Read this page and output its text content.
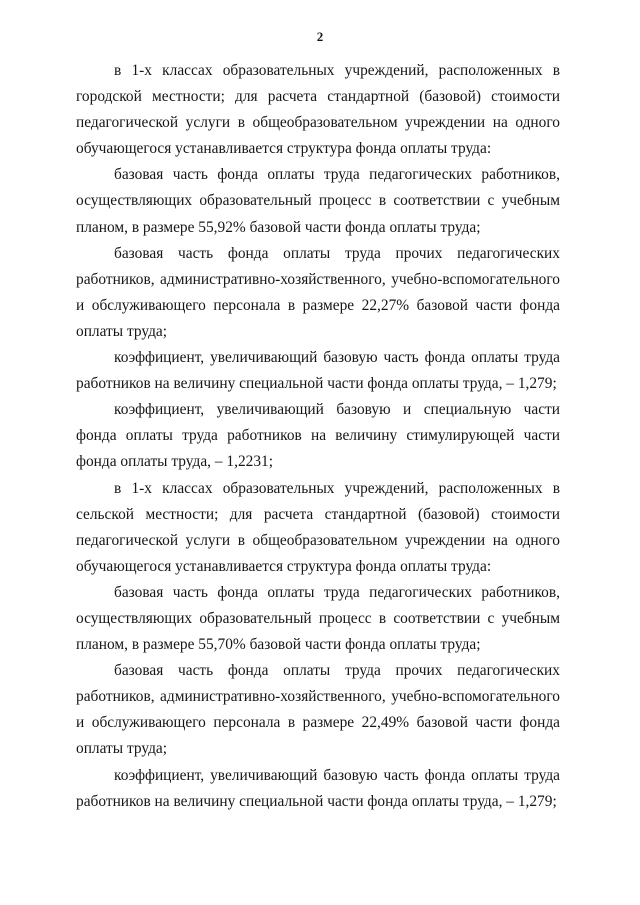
2

в 1-х классах образовательных учреждений, расположенных в городской местности; для расчета стандартной (базовой) стоимости педагогической услуги в общеобразовательном учреждении на одного обучающегося устанавливается структура фонда оплаты труда:

базовая часть фонда оплаты труда педагогических работников, осуществляющих образовательный процесс в соответствии с учебным планом, в размере 55,92% базовой части фонда оплаты труда;

базовая часть фонда оплаты труда прочих педагогических работников, административно-хозяйственного, учебно-вспомогательного и обслуживающего персонала в размере 22,27% базовой части фонда оплаты труда;

коэффициент, увеличивающий базовую часть фонда оплаты труда работников на величину специальной части фонда оплаты труда, – 1,279;

коэффициент, увеличивающий базовую и специальную части фонда оплаты труда работников на величину стимулирующей части фонда оплаты труда, – 1,2231;

в 1-х классах образовательных учреждений, расположенных в сельской местности; для расчета стандартной (базовой) стоимости педагогической услуги в общеобразовательном учреждении на одного обучающегося устанавливается структура фонда оплаты труда:

базовая часть фонда оплаты труда педагогических работников, осуществляющих образовательный процесс в соответствии с учебным планом, в размере 55,70% базовой части фонда оплаты труда;

базовая часть фонда оплаты труда прочих педагогических работников, административно-хозяйственного, учебно-вспомогательного и обслуживающего персонала в размере 22,49% базовой части фонда оплаты труда;

коэффициент, увеличивающий базовую часть фонда оплаты труда работников на величину специальной части фонда оплаты труда, – 1,279;
